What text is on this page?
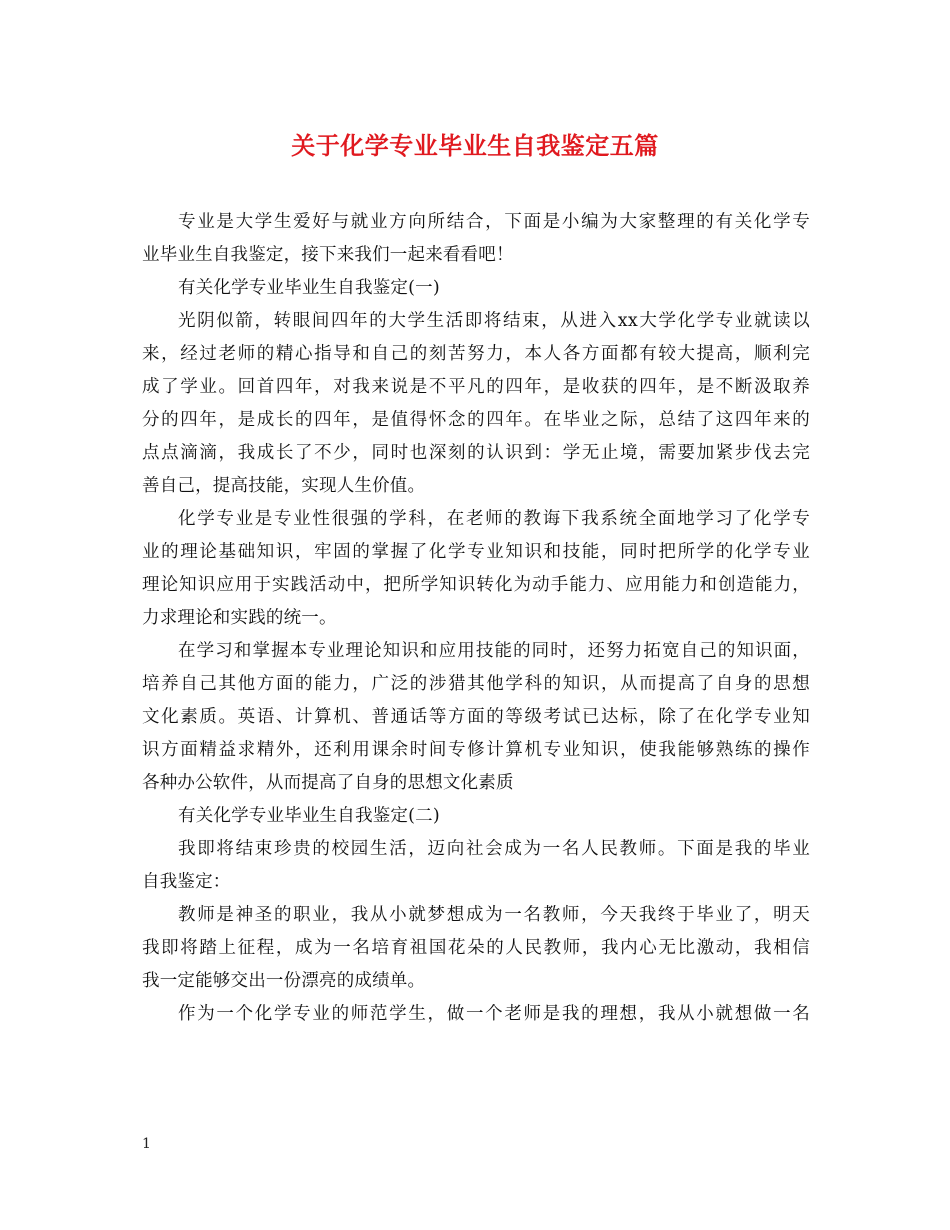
关于化学专业毕业生自我鉴定五篇
专业是大学生爱好与就业方向所结合，下面是小编为大家整理的有关化学专
业毕业生自我鉴定，接下来我们一起来看看吧！
有关化学专业毕业生自我鉴定(一)
光阴似箭，转眼间四年的大学生活即将结束，从进入xx大学化学专业就读以
来，经过老师的精心指导和自己的刻苦努力，本人各方面都有较大提高，顺利完
成了学业。回首四年，对我来说是不平凡的四年，是收获的四年，是不断汲取养
分的四年，是成长的四年，是值得怀念的四年。在毕业之际，总结了这四年来的
点点滴滴，我成长了不少，同时也深刻的认识到：学无止境，需要加紧步伐去完
善自己，提高技能，实现人生价值。
化学专业是专业性很强的学科，在老师的教诲下我系统全面地学习了化学专
业的理论基础知识，牢固的掌握了化学专业知识和技能，同时把所学的化学专业
理论知识应用于实践活动中，把所学知识转化为动手能力、应用能力和创造能力，
力求理论和实践的统一。
在学习和掌握本专业理论知识和应用技能的同时，还努力拓宽自己的知识面，
培养自己其他方面的能力，广泛的涉猎其他学科的知识，从而提高了自身的思想
文化素质。英语、计算机、普通话等方面的等级考试已达标，除了在化学专业知
识方面精益求精外，还利用课余时间专修计算机专业知识，使我能够熟练的操作
各种办公软件，从而提高了自身的思想文化素质
有关化学专业毕业生自我鉴定(二)
我即将结束珍贵的校园生活，迈向社会成为一名人民教师。下面是我的毕业
自我鉴定：
教师是神圣的职业，我从小就梦想成为一名教师，今天我终于毕业了，明天
我即将踏上征程，成为一名培育祖国花朵的人民教师，我内心无比激动，我相信
我一定能够交出一份漂亮的成绩单。
作为一个化学专业的师范学生，做一个老师是我的理想，我从小就想做一名
1
